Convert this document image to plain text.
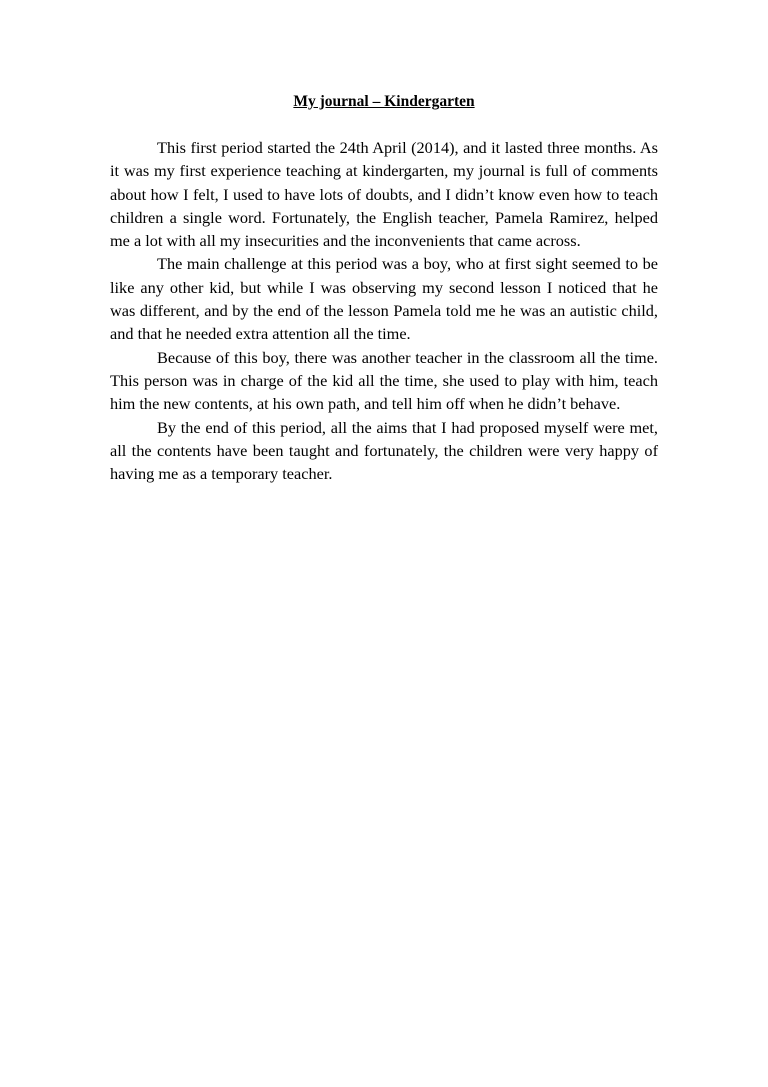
My journal – Kindergarten

This first period started the 24th April (2014), and it lasted three months. As it was my first experience teaching at kindergarten, my journal is full of comments about how I felt, I used to have lots of doubts, and I didn’t know even how to teach children a single word. Fortunately, the English teacher, Pamela Ramirez, helped me a lot with all my insecurities and the inconvenients that came across.

The main challenge at this period was a boy, who at first sight seemed to be like any other kid, but while I was observing my second lesson I noticed that he was different, and by the end of the lesson Pamela told me he was an autistic child, and that he needed extra attention all the time.

Because of this boy, there was another teacher in the classroom all the time. This person was in charge of the kid all the time, she used to play with him, teach him the new contents, at his own path, and tell him off when he didn’t behave.

By the end of this period, all the aims that I had proposed myself were met, all the contents have been taught and fortunately, the children were very happy of having me as a temporary teacher.
